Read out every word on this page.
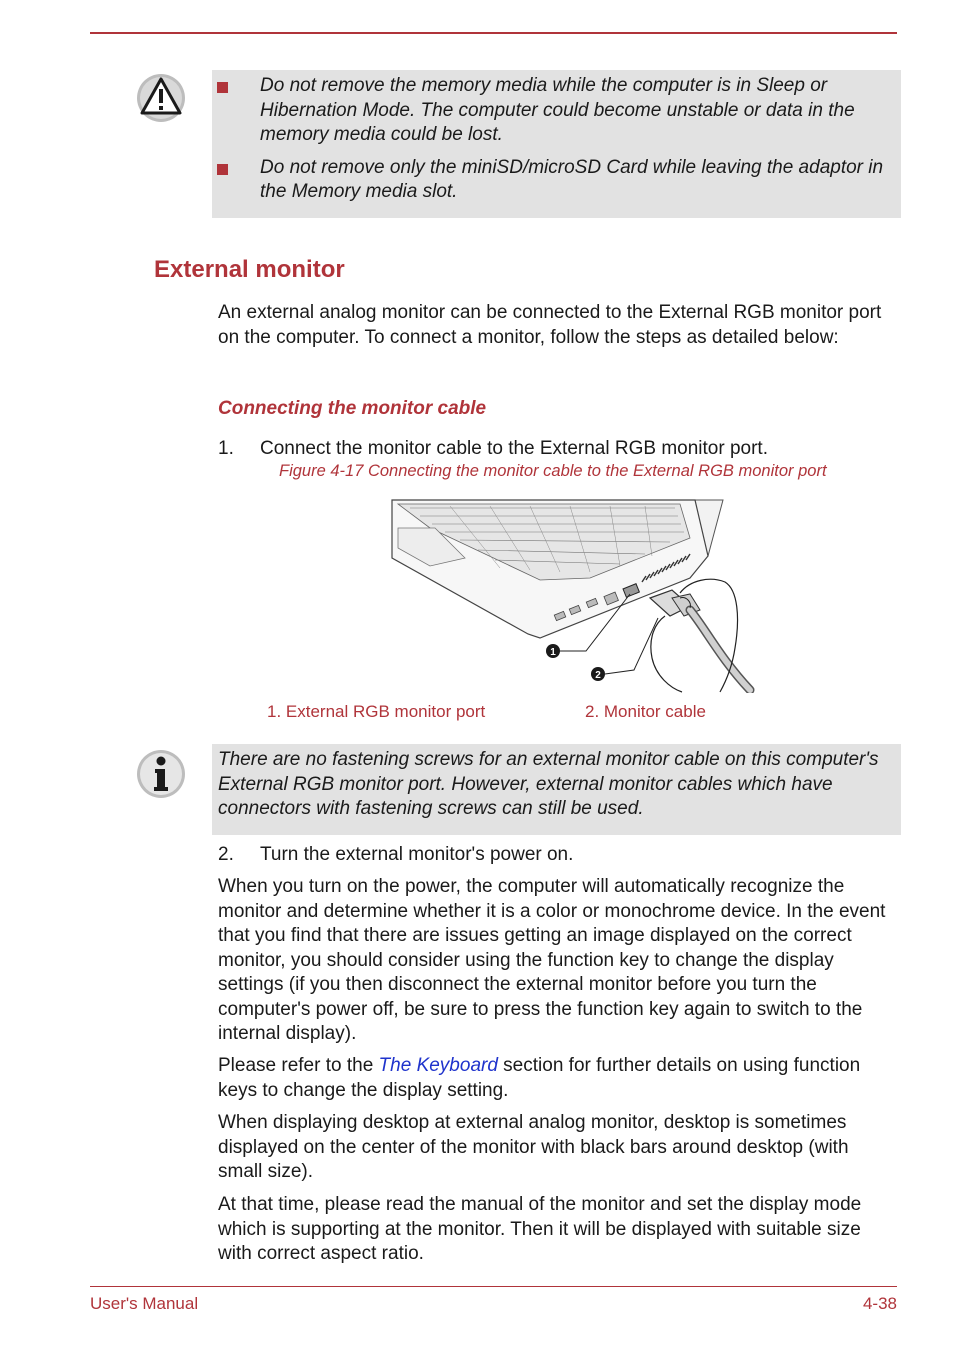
Do not remove the memory media while the computer is in Sleep or Hibernation Mode. The computer could become unstable or data in the memory media could be lost.
Do not remove only the miniSD/microSD Card while leaving the adaptor in the Memory media slot.
External monitor

An external analog monitor can be connected to the External RGB monitor port on the computer. To connect a monitor, follow the steps as detailed below:

Connecting the monitor cable
1. Connect the monitor cable to the External RGB monitor port.

Figure 4-17 Connecting the monitor cable to the External RGB monitor port

1
2
1. External RGB monitor port	2. Monitor cable

There are no fastening screws for an external monitor cable on this computer's External RGB monitor port. However, external monitor cables which have connectors with fastening screws can still be used.

2. Turn the external monitor's power on.

When you turn on the power, the computer will automatically recognize the monitor and determine whether it is a color or monochrome device. In the event that you find that there are issues getting an image displayed on the correct monitor, you should consider using the function key to change the display settings (if you then disconnect the external monitor before you turn the computer's power off, be sure to press the function key again to switch to the internal display).

Please refer to the The Keyboard section for further details on using function keys to change the display setting.

When displaying desktop at external analog monitor, desktop is sometimes displayed on the center of the monitor with black bars around desktop (with small size).

At that time, please read the manual of the monitor and set the display mode which is supporting at the monitor. Then it will be displayed with suitable size with correct aspect ratio.

User's Manual	4-38
